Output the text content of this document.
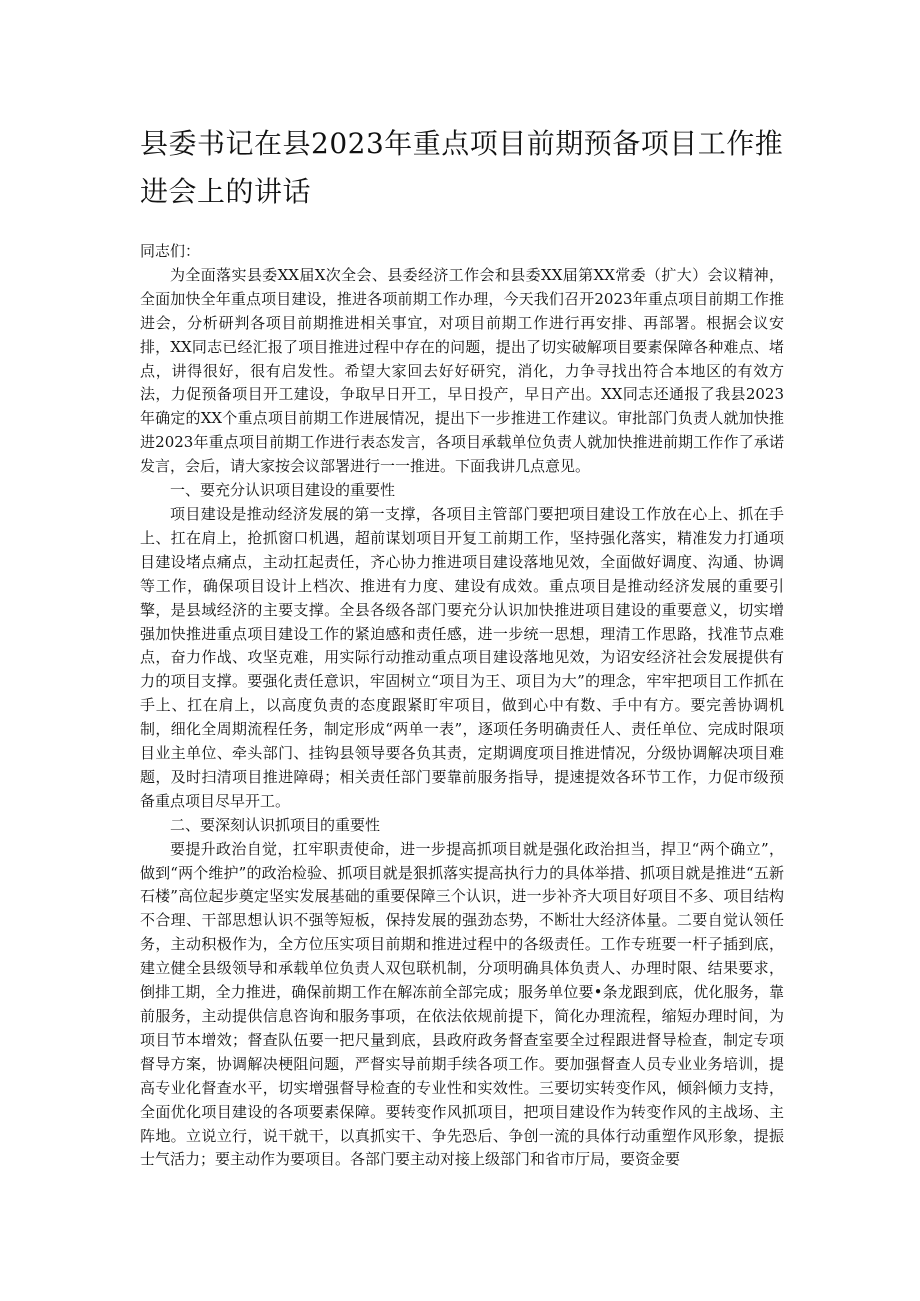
县委书记在县2023年重点项目前期预备项目工作推进会上的讲话

同志们：

为全面落实县委XX届X次全会、县委经济工作会和县委XX届第XX常委（扩大）会议精神，全面加快全年重点项目建设，推进各项前期工作办理，今天我们召开2023年重点项目前期工作推进会，分析研判各项目前期推进相关事宜，对项目前期工作进行再安排、再部署。根据会议安排，XX同志已经汇报了项目推进过程中存在的问题，提出了切实破解项目要素保障各种难点、堵点，讲得很好，很有启发性。希望大家回去好好研究，消化，力争寻找出符合本地区的有效方法，力促预备项目开工建设，争取早日开工，早日投产，早日产出。XX同志还通报了我县2023年确定的XX个重点项目前期工作进展情况，提出下一步推进工作建议。审批部门负责人就加快推进2023年重点项目前期工作进行表态发言，各项目承载单位负责人就加快推进前期工作作了承诺发言，会后，请大家按会议部署进行一一推进。下面我讲几点意见。

一、要充分认识项目建设的重要性

项目建设是推动经济发展的第一支撑，各项目主管部门要把项目建设工作放在心上、抓在手上、扛在肩上，抢抓窗口机遇，超前谋划项目开复工前期工作，坚持强化落实，精准发力打通项目建设堵点痛点，主动扛起责任，齐心协力推进项目建设落地见效，全面做好调度、沟通、协调等工作，确保项目设计上档次、推进有力度、建设有成效。重点项目是推动经济发展的重要引擎，是县域经济的主要支撑。全县各级各部门要充分认识加快推进项目建设的重要意义，切实增强加快推进重点项目建设工作的紧迫感和责任感，进一步统一思想，理清工作思路，找准节点难点，奋力作战、攻坚克难，用实际行动推动重点项目建设落地见效，为诏安经济社会发展提供有力的项目支撑。要强化责任意识，牢固树立“项目为王、项目为大”的理念，牢牢把项目工作抓在手上、扛在肩上，以高度负责的态度跟紧盯牢项目，做到心中有数、手中有方。要完善协调机制，细化全周期流程任务，制定形成“两单一表”，逐项任务明确责任人、责任单位、完成时限项目业主单位、牵头部门、挂钩县领导要各负其责，定期调度项目推进情况，分级协调解决项目难题，及时扫清项目推进障碍；相关责任部门要靠前服务指导，提速提效各环节工作，力促市级预备重点项目尽早开工。

二、要深刻认识抓项目的重要性

要提升政治自觉，扛牢职责使命，进一步提高抓项目就是强化政治担当，捍卫“两个确立”，做到“两个维护”的政治检验、抓项目就是狠抓落实提高执行力的具体举措、抓项目就是推进“五新石楼”高位起步奠定坚实发展基础的重要保障三个认识，进一步补齐大项目好项目不多、项目结构不合理、干部思想认识不强等短板，保持发展的强劲态势，不断壮大经济体量。二要自觉认领任务，主动积极作为，全方位压实项目前期和推进过程中的各级责任。工作专班要一杆子插到底，建立健全县级领导和承载单位负责人双包联机制，分项明确具体负责人、办理时限、结果要求，倒排工期，全力推进，确保前期工作在解冻前全部完成；服务单位要•条龙跟到底，优化服务，靠前服务，主动提供信息咨询和服务事项，在依法依规前提下，简化办理流程，缩短办理时间，为项目节本增效；督查队伍要一把尺量到底，县政府政务督查室要全过程跟进督导检查，制定专项督导方案，协调解决梗阻问题，严督实导前期手续各项工作。要加强督查人员专业业务培训，提高专业化督查水平，切实增强督导检查的专业性和实效性。三要切实转变作风，倾斜倾力支持，全面优化项目建设的各项要素保障。要转变作风抓项目，把项目建设作为转变作风的主战场、主阵地。立说立行，说干就干，以真抓实干、争先恐后、争创一流的具体行动重塑作风形象，提振士气活力；要主动作为要项目。各部门要主动对接上级部门和省市厅局，要资金要
